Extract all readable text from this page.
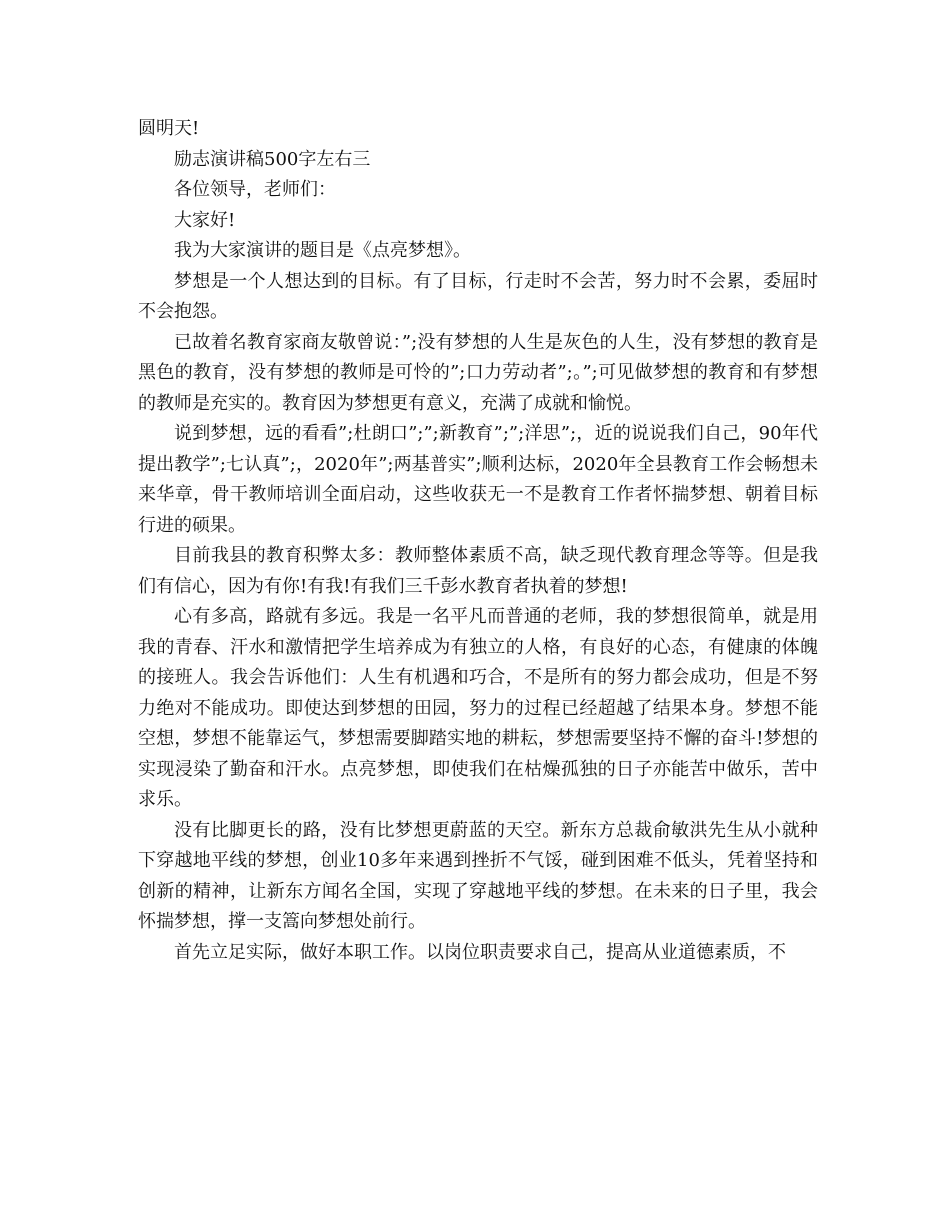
圆明天!

励志演讲稿500字左右三

各位领导，老师们：

大家好!

我为大家演讲的题目是《点亮梦想》。

梦想是一个人想达到的目标。有了目标，行走时不会苦，努力时不会累，委屈时不会抱怨。

已故着名教育家商友敬曾说：”;没有梦想的人生是灰色的人生，没有梦想的教育是黑色的教育，没有梦想的教师是可怜的”;口力劳动者”;。”;可见做梦想的教育和有梦想的教师是充实的。教育因为梦想更有意义，充满了成就和愉悦。

说到梦想，远的看看”;杜朗口”;”;新教育”;”;洋思”;，近的说说我们自己，90年代提出教学”;七认真”;，2020年”;两基普实”;顺利达标，2020年全县教育工作会畅想未来华章，骨干教师培训全面启动，这些收获无一不是教育工作者怀揣梦想、朝着目标行进的硕果。

目前我县的教育积弊太多：教师整体素质不高，缺乏现代教育理念等等。但是我们有信心，因为有你!有我!有我们三千彭水教育者执着的梦想!

心有多高，路就有多远。我是一名平凡而普通的老师，我的梦想很简单，就是用我的青春、汗水和激情把学生培养成为有独立的人格，有良好的心态，有健康的体魄的接班人。我会告诉他们：人生有机遇和巧合，不是所有的努力都会成功，但是不努力绝对不能成功。即使达到梦想的田园，努力的过程已经超越了结果本身。梦想不能空想，梦想不能靠运气，梦想需要脚踏实地的耕耘，梦想需要坚持不懈的奋斗!梦想的实现浸染了勤奋和汗水。点亮梦想，即使我们在枯燥孤独的日子亦能苦中做乐，苦中求乐。

没有比脚更长的路，没有比梦想更蔚蓝的天空。新东方总裁俞敏洪先生从小就种下穿越地平线的梦想，创业10多年来遇到挫折不气馁，碰到困难不低头，凭着坚持和创新的精神，让新东方闻名全国，实现了穿越地平线的梦想。在未来的日子里，我会怀揣梦想，撑一支篙向梦想处前行。

首先立足实际，做好本职工作。以岗位职责要求自己，提高从业道德素质，不
